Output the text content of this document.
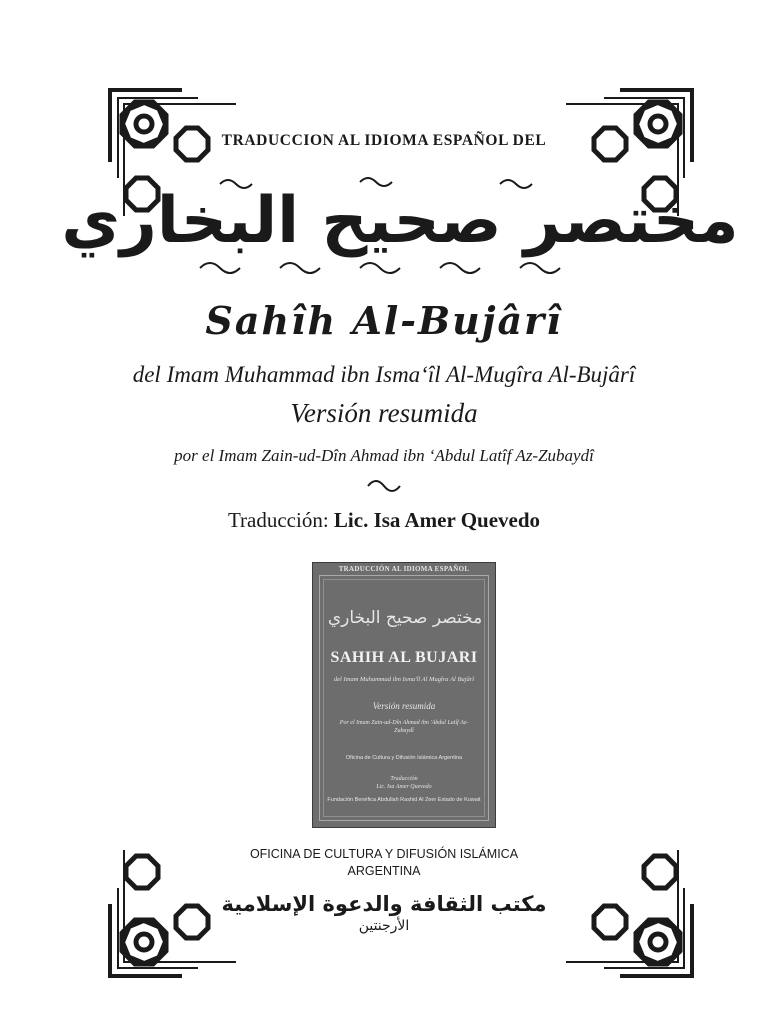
TRADUCCION AL IDIOMA ESPAÑOL DEL
مختصر صحيح البخاري
Sahîh Al-Bujârî
del Imam Muhammad ibn Isma‘îl Al-Mugîra Al-Bujârî
Versión resumida
por el Imam Zain-ud-Dîn Ahmad ibn ‘Abdul Latîf Az-Zubaydî
Traducción: Lic. Isa Amer Quevedo
TRADUCCIÓN AL IDIOMA ESPAÑOL
مختصر صحيح البخاري
SAHIH AL BUJARI
del Imam Muhammad ibn Isma'îl Al Mugîra Al Bujârî
Versión resumida
Por el Imam Zain-ud-Dîn Ahmad ibn 'Abdul Latîf Az-Zubaydî
Oficina de Cultura y Difusión Islámica Argentina
Traducción
Lic. Isa Amer Quevedo
Fundación Benéfica Abdullah Rashid Al Zeer Estado de Kuwait
OFICINA DE CULTURA Y DIFUSIÓN ISLÁMICA
ARGENTINA
مكتب الثقافة والدعوة الإسلامية
الأرجنتين
